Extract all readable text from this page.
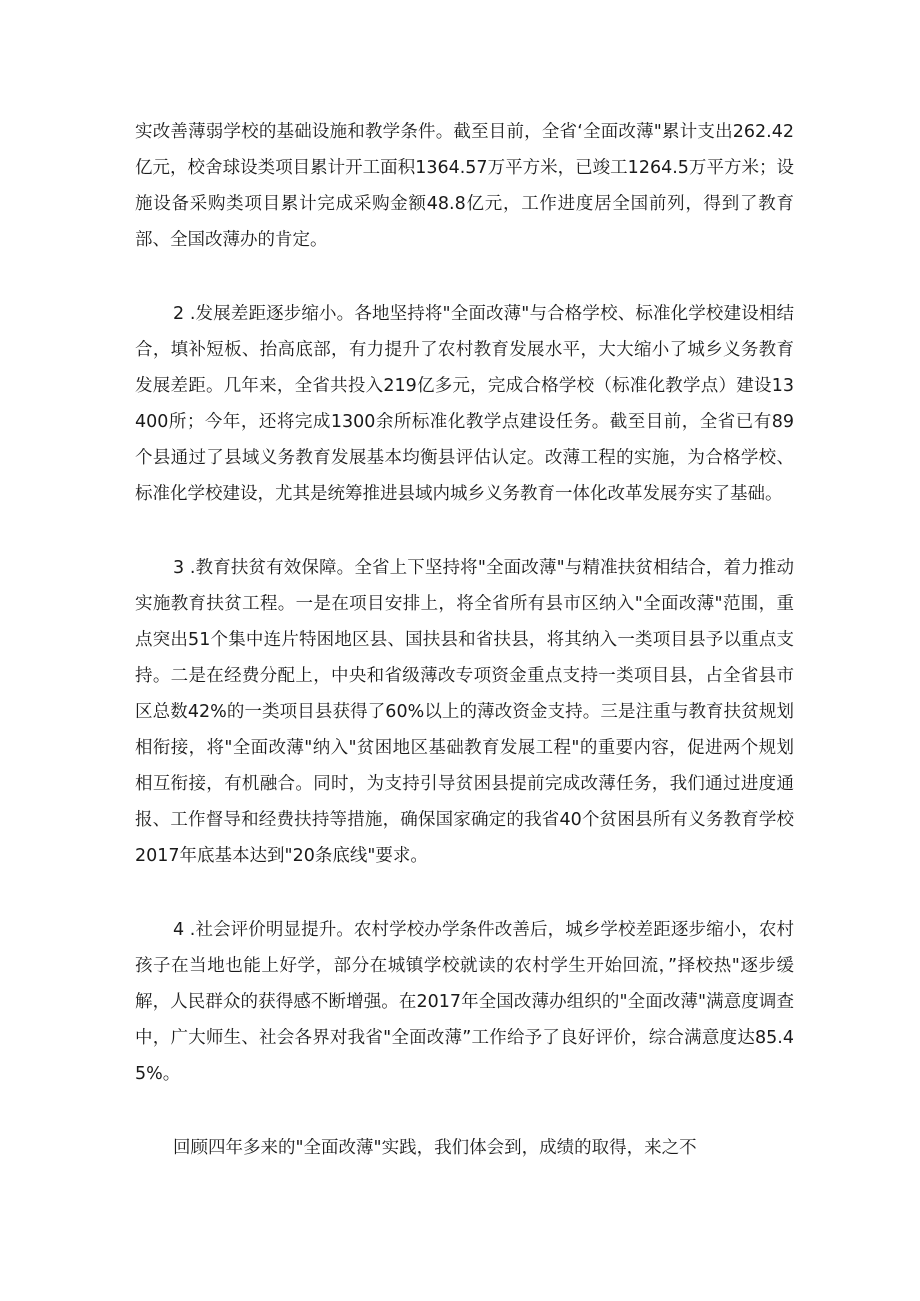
实改善薄弱学校的基础设施和教学条件。截至目前，全省‘全面改薄"累计支出262.42亿元，校舍球设类项目累计开工面积1364.57万平方米，已竣工1264.5万平方米；设施设备采购类项目累计完成采购金额48.8亿元，工作进度居全国前列，得到了教育部、全国改薄办的肯定。

2 .发展差距逐步缩小。各地坚持将"全面改薄"与合格学校、标准化学校建设相结合，填补短板、抬高底部，有力提升了农村教育发展水平，大大缩小了城乡义务教育发展差距。几年来，全省共投入219亿多元，完成合格学校（标准化教学点）建设13400所；今年，还将完成1300余所标准化教学点建设任务。截至目前，全省已有89个县通过了县域义务教育发展基本均衡县评估认定。改薄工程的实施，为合格学校、标准化学校建设，尤其是统筹推进县域内城乡义务教育一体化改革发展夯实了基础。

3 .教育扶贫有效保障。全省上下坚持将"全面改薄"与精准扶贫相结合，着力推动实施教育扶贫工程。一是在项目安排上，将全省所有县市区纳入"全面改薄"范围，重点突出51个集中连片特困地区县、国扶县和省扶县，将其纳入一类项目县予以重点支持。二是在经费分配上，中央和省级薄改专项资金重点支持一类项目县，占全省县市区总数42%的一类项目县获得了60%以上的薄改资金支持。三是注重与教育扶贫规划相衔接，将"全面改薄"纳入"贫困地区基础教育发展工程"的重要内容，促进两个规划相互衔接，有机融合。同时，为支持引导贫困县提前完成改薄任务，我们通过进度通报、工作督导和经费扶持等措施，确保国家确定的我省40个贫困县所有义务教育学校2017年底基本达到"20条底线"要求。

4 .社会评价明显提升。农村学校办学条件改善后，城乡学校差距逐步缩小，农村孩子在当地也能上好学，部分在城镇学校就读的农村学生开始回流，”择校热"逐步缓解，人民群众的获得感不断增强。在2017年全国改薄办组织的"全面改薄"满意度调查中，广大师生、社会各界对我省"全面改薄”工作给予了良好评价，综合满意度达85.45%。

回顾四年多来的"全面改薄"实践，我们体会到，成绩的取得，来之不
